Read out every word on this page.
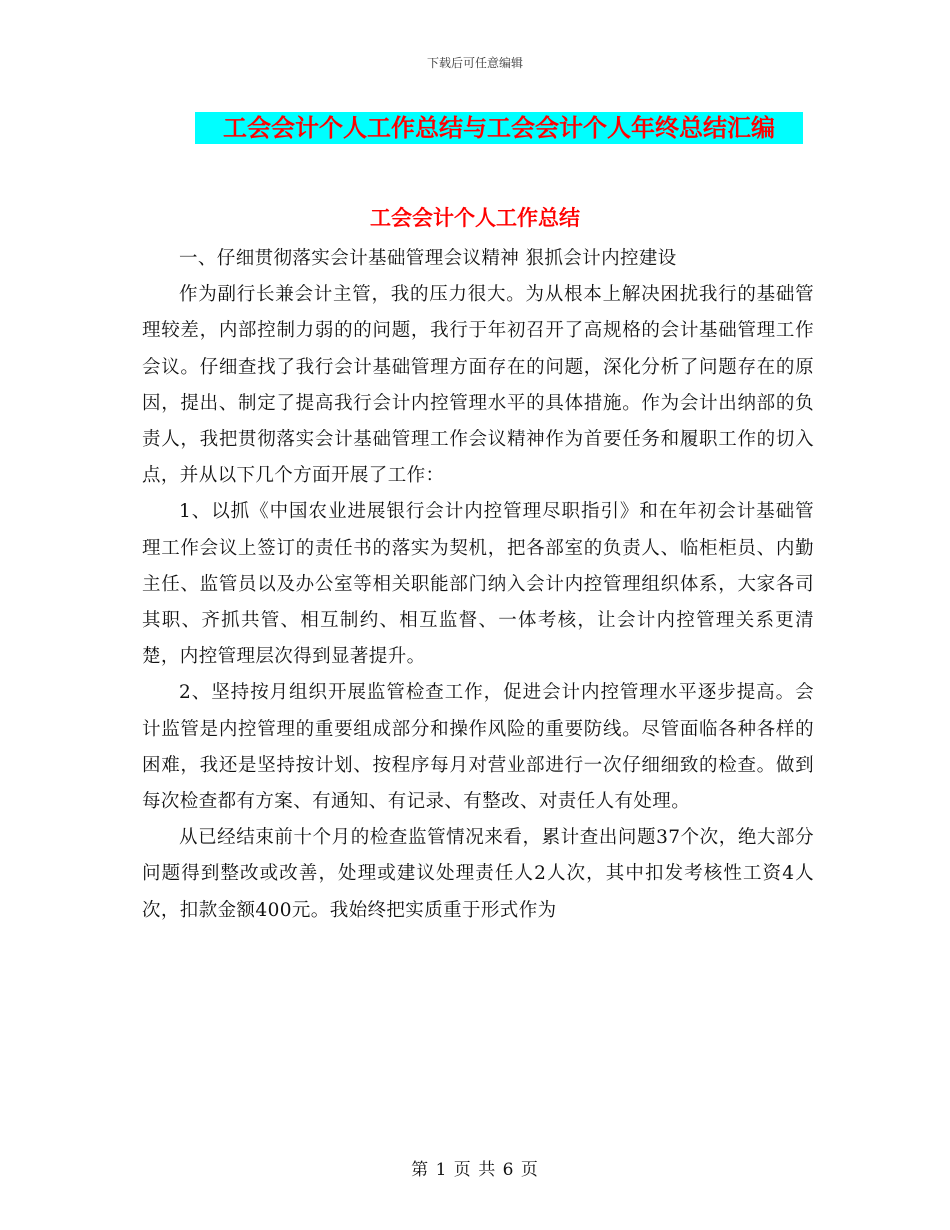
下载后可任意编辑
工会会计个人工作总结与工会会计个人年终总结汇编
工会会计个人工作总结

一、仔细贯彻落实会计基础管理会议精神 狠抓会计内控建设

作为副行长兼会计主管，我的压力很大。为从根本上解决困扰我行的基础管理较差，内部控制力弱的的问题，我行于年初召开了高规格的会计基础管理工作会议。仔细查找了我行会计基础管理方面存在的问题，深化分析了问题存在的原因，提出、制定了提高我行会计内控管理水平的具体措施。作为会计出纳部的负责人，我把贯彻落实会计基础管理工作会议精神作为首要任务和履职工作的切入点，并从以下几个方面开展了工作：

1、以抓《中国农业进展银行会计内控管理尽职指引》和在年初会计基础管理工作会议上签订的责任书的落实为契机，把各部室的负责人、临柜柜员、内勤主任、监管员以及办公室等相关职能部门纳入会计内控管理组织体系，大家各司其职、齐抓共管、相互制约、相互监督、一体考核，让会计内控管理关系更清楚，内控管理层次得到显著提升。

2、坚持按月组织开展监管检查工作，促进会计内控管理水平逐步提高。会计监管是内控管理的重要组成部分和操作风险的重要防线。尽管面临各种各样的困难，我还是坚持按计划、按程序每月对营业部进行一次仔细细致的检查。做到每次检查都有方案、有通知、有记录、有整改、对责任人有处理。

从已经结束前十个月的检查监管情况来看，累计查出问题37个次，绝大部分问题得到整改或改善，处理或建议处理责任人2人次，其中扣发考核性工资4人次，扣款金额400元。我始终把实质重于形式作为

第 1 页 共 6 页
